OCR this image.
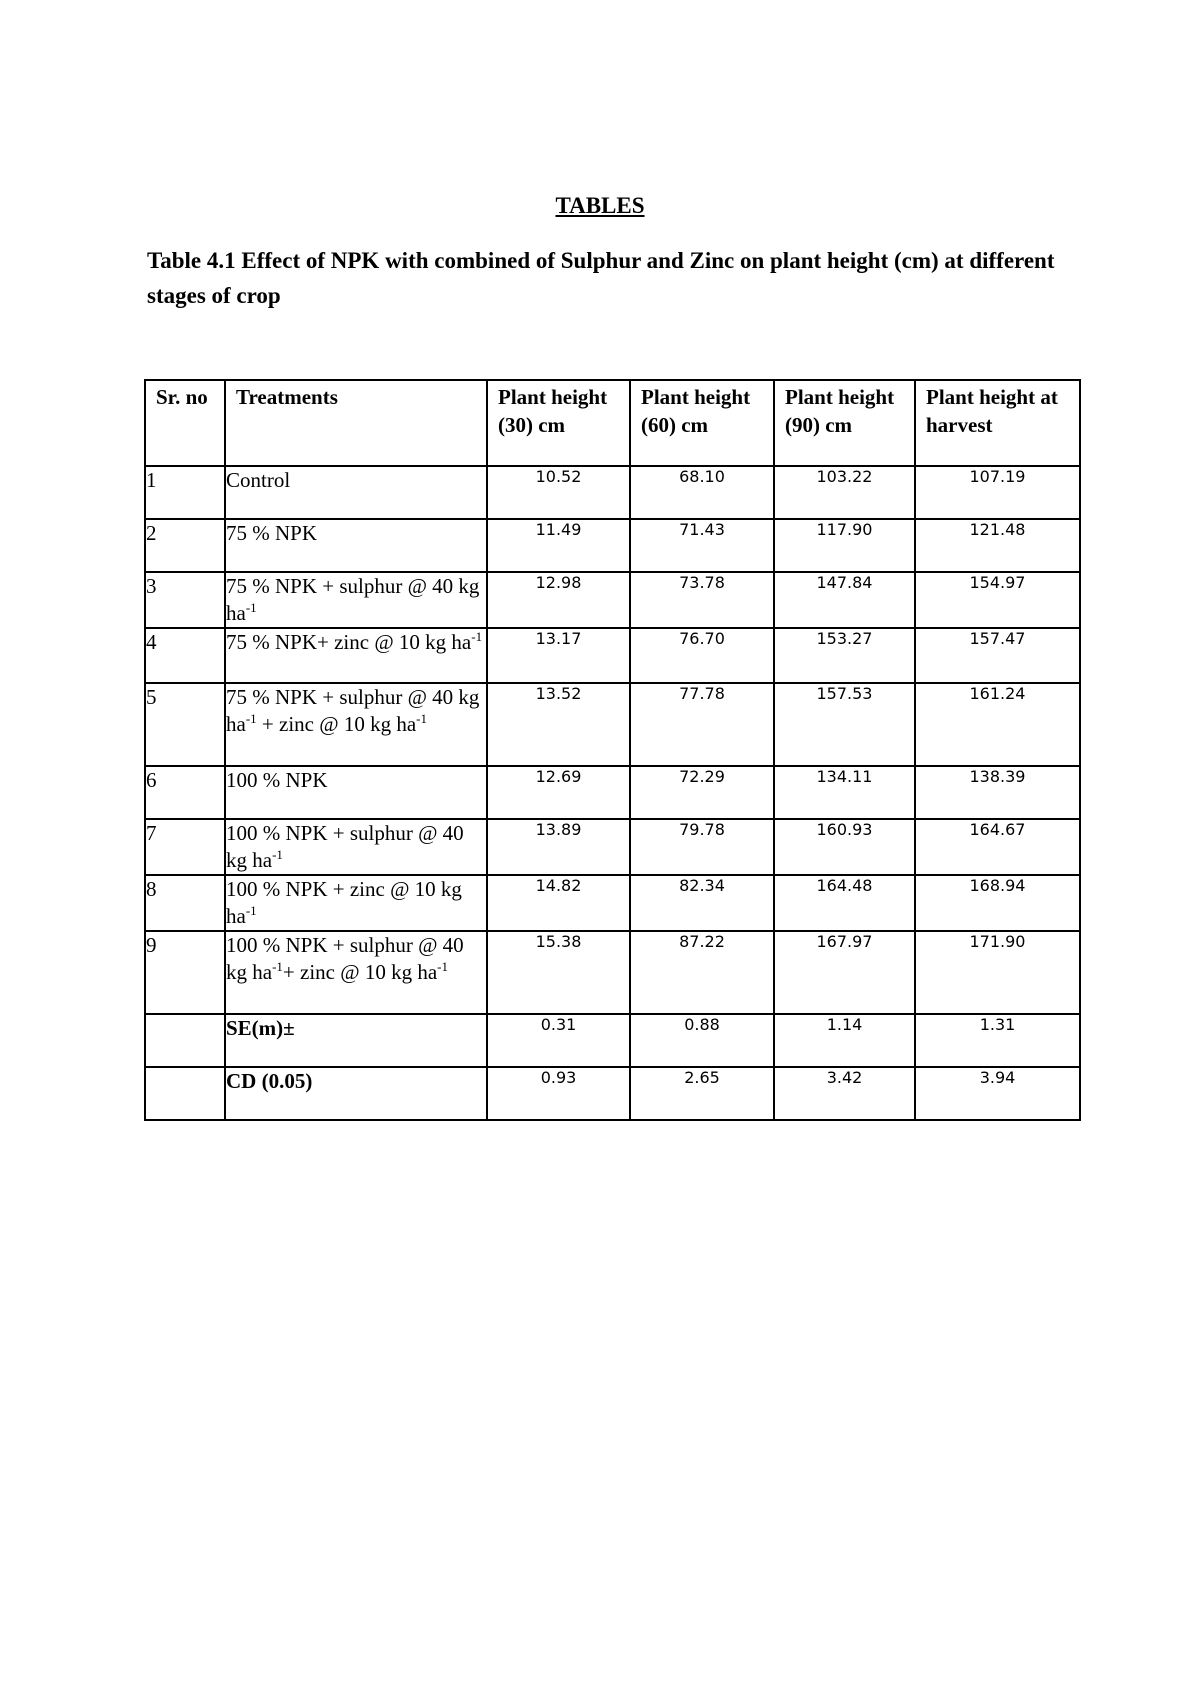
TABLES

Table 4.1 Effect of NPK with combined of Sulphur and Zinc on plant height (cm) at different stages of crop

Sr. no	Treatments	Plant height (30) cm	Plant height (60) cm	Plant height (90) cm	Plant height at harvest
1	Control	10.52	68.10	103.22	107.19
2	75 % NPK	11.49	71.43	117.90	121.48
3	75 % NPK + sulphur @ 40 kg $ha^{-1}$	12.98	73.78	147.84	154.97
4	75 % NPK+ zinc @ 10 kg $ha^{-1}$	13.17	76.70	153.27	157.47
5	75 % NPK + sulphur @ 40 kg $ha^{-1}$ + zinc @ 10 kg $ha^{-1}$	13.52	77.78	157.53	161.24
6	100 % NPK	12.69	72.29	134.11	138.39
7	100 % NPK + sulphur @ 40 kg $ha^{-1}$	13.89	79.78	160.93	164.67
8	100 % NPK + zinc @ 10 kg $ha^{-1}$	14.82	82.34	164.48	168.94
9	100 % NPK + sulphur @ 40 kg $ha^{-1}+$ zinc @ 10 kg $ha^{-1}$	15.38	87.22	167.97	171.90
	SE(m)±	0.31	0.88	1.14	1.31
	CD (0.05)	0.93	2.65	3.42	3.94
